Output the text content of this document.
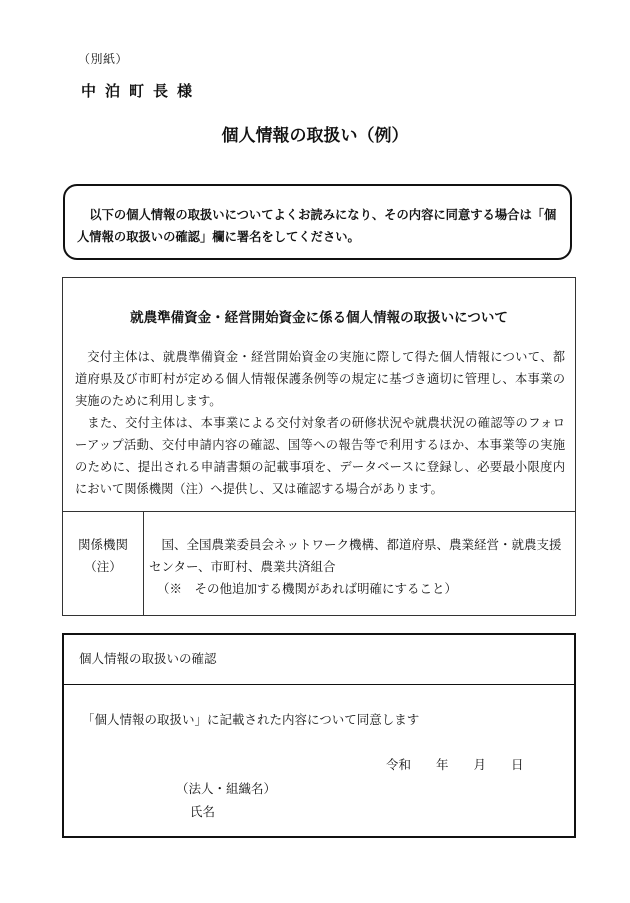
（別紙）
中泊町長様
個人情報の取扱い（例）

以下の個人情報の取扱いについてよくお読みになり、その内容に同意する場合は「個人情報の取扱いの確認」欄に署名をしてください。

就農準備資金・経営開始資金に係る個人情報の取扱いについて

交付主体は、就農準備資金・経営開始資金の実施に際して得た個人情報について、都道府県及び市町村が定める個人情報保護条例等の規定に基づき適切に管理し、本事業の実施のために利用します。

また、交付主体は、本事業による交付対象者の研修状況や就農状況の確認等のフォローアップ活動、交付申請内容の確認、国等への報告等で利用するほか、本事業等の実施のために、提出される申請書類の記載事項を、データベースに登録し、必要最小限度内において関係機関（注）へ提供し、又は確認する場合があります。

関係機関
（注）

国、全国農業委員会ネットワーク機構、都道府県、農業経営・就農支援センター、市町村、農業共済組合

（※　その他追加する機関があれば明確にすること）

個人情報の取扱いの確認
「個人情報の取扱い」に記載された内容について同意します
令和　　年　　月　　日
（法人・組織名）
氏名
